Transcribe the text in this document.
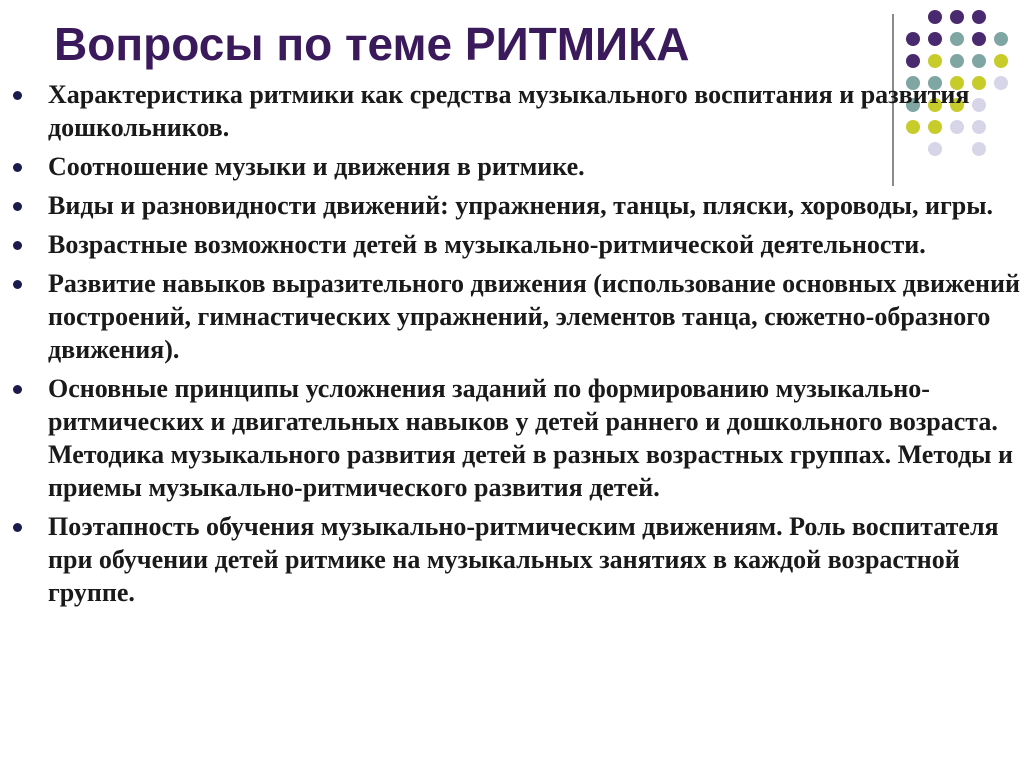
Вопросы по теме РИТМИКА
Характеристика ритмики как средства музыкального воспитания и развития дошкольников.
Соотношение музыки и движения в ритмике.
Виды и разновидности движений: упражнения, танцы, пляски, хороводы, игры.
Возрастные возможности детей в музыкально-ритмической деятельности.
Развитие навыков выразительного движения (использование основных движений построений, гимнастических упражнений, элементов танца, сюжетно-образного движения).
Основные принципы усложнения заданий по формированию музыкально-ритмических и двигательных навыков у детей раннего и дошкольного возраста. Методика музыкального развития детей в разных возрастных группах. Методы и приемы музыкально-ритмического развития детей.
Поэтапность обучения музыкально-ритмическим движениям. Роль воспитателя при обучении детей ритмике на музыкальных занятиях в каждой возрастной группе.
